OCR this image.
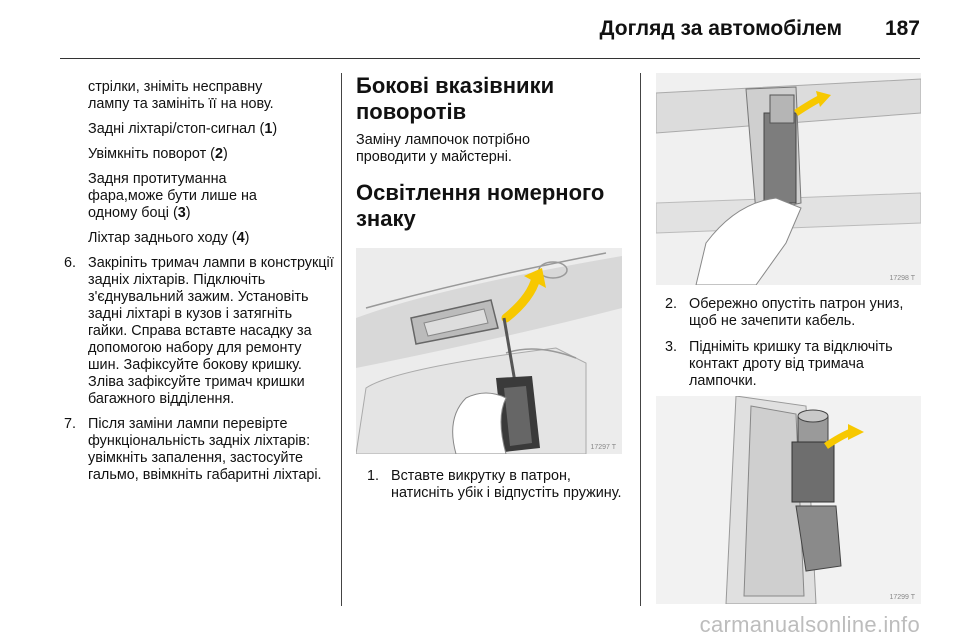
Догляд за автомобілем 187
стрілки, зніміть несправну
лампу та замініть її на нову.

Задні ліхтарі/стоп-сигнал (1)

Увімкніть поворот (2)

Задня протитуманна фара,може бути лише на одному боці (3)

Ліхтар заднього ходу (4)

6. Закріпіть тримач лампи в конструкції задніх ліхтарів. Підключіть з'єднувальний зажим. Установіть задні ліхтарі в кузов і затягніть гайки. Справа вставте насадку за допомогою набору для ремонту шин. Зафіксуйте бокову кришку. Зліва зафіксуйте тримач кришки багажного відділення.
7. Після заміни лампи перевірте функціональність задніх ліхтарів: увімкніть запалення, застосуйте гальмо, ввімкніть габаритні ліхтарі.
Бокові вказівники поворотів

Заміну лампочок потрібно проводити у майстерні.

Освітлення номерного знаку
17297 T
1. Вставте викрутку в патрон, натисніть убік і відпустіть пружину.
17298 T
2. Обережно опустіть патрон униз, щоб не зачепити кабель.
3. Підніміть кришку та відключіть контакт дроту від тримача лампочки.
17299 T
carmanualsonline.info
